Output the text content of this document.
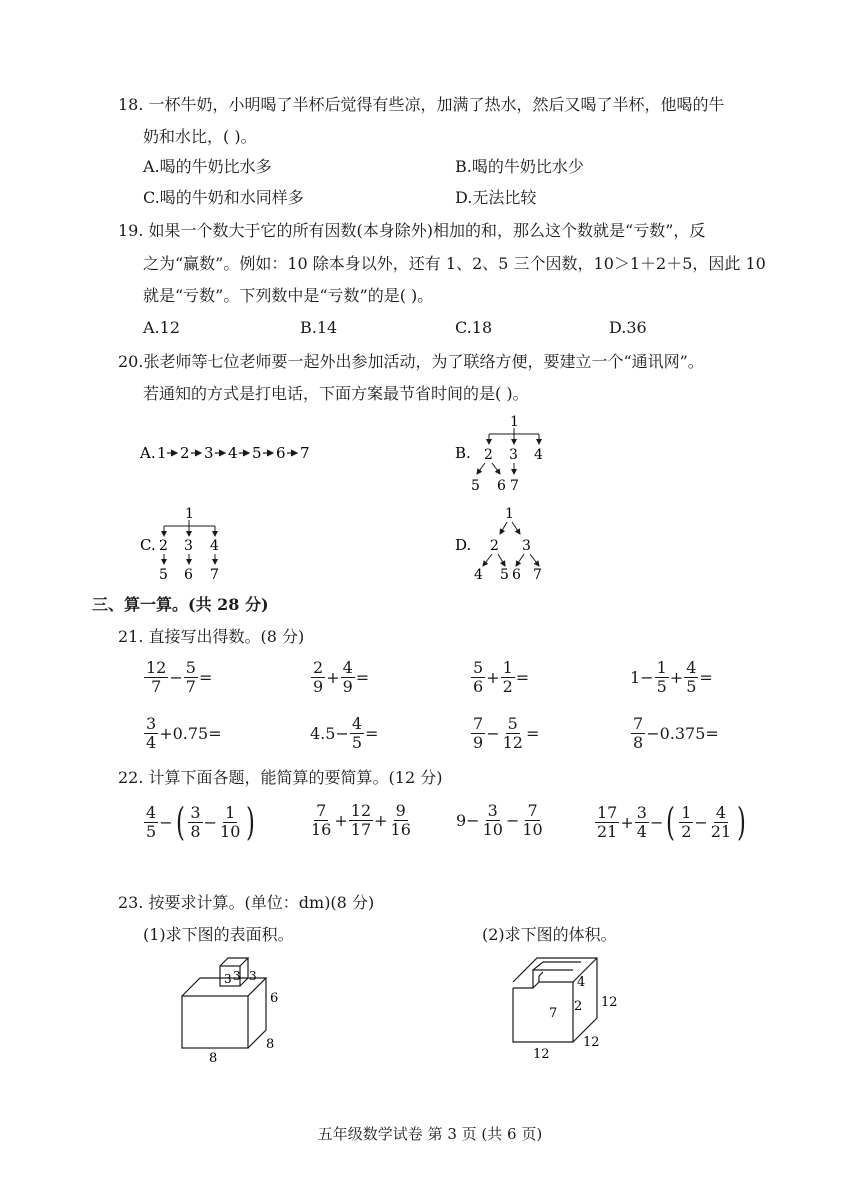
18. 一杯牛奶，小明喝了半杯后觉得有些凉，加满了热水，然后又喝了半杯，他喝的牛
奶和水比，( )。
A.喝的牛奶比水多	B.喝的牛奶比水少
C.喝的牛奶和水同样多	D.无法比较
19. 如果一个数大于它的所有因数(本身除外)相加的和，那么这个数就是“亏数”，反
之为“赢数”。例如：10 除本身以外，还有 1、2、5 三个因数，10＞1＋2＋5，因此 10
就是“亏数”。下列数中是“亏数”的是( )。
A.12	B.14	C.18	D.36
20.张老师等七位老师要一起外出参加活动，为了联络方便，要建立一个“通讯网”。
若通知的方式是打电话，下面方案最节省时间的是( )。
A. 1 2 3 4 5 6 7	B.
1
2 3 4
5 6 7
C.
1
2 3 4
5 6 7
D.
1
2 3
4 5 6 7
三、算一算。(共 28 分)
21. 直接写出得数。(8 分)
$\frac{12}{7} - \frac{5}{7}$ =	$\frac{2}{9} + \frac{4}{9}$ =	$\frac{5}{6} + \frac{1}{2}$ =	$1- \frac{1}{5} + \frac{4}{5}$ =
$\frac{3}{4} +0.75=$	$4.5- \frac{4}{5}$ =	$\frac{7}{9} - \frac{5}{12}$ =	$\frac{7}{8} -0.375=$
22. 计算下面各题，能简算的要简算。(12 分)
$\frac{4}{5}$ − ( $\frac{3}{8} - \frac{1}{10}$ )	$\frac{7}{16} + \frac{12}{17} + \frac{9}{16}$	$9- \frac{3}{10} - \frac{7}{10}$	$\frac{17}{21} + \frac{3}{4}$ − ( $\frac{1}{2} - \frac{4}{21}$ )
23. 按要求计算。(单位：dm)(8 分)
(1)求下图的表面积。	(2)求下图的体积。
3 3 3
6
8
8
4
2
7
12
12
12
五年级数学试卷 第 3 页 (共 6 页)
